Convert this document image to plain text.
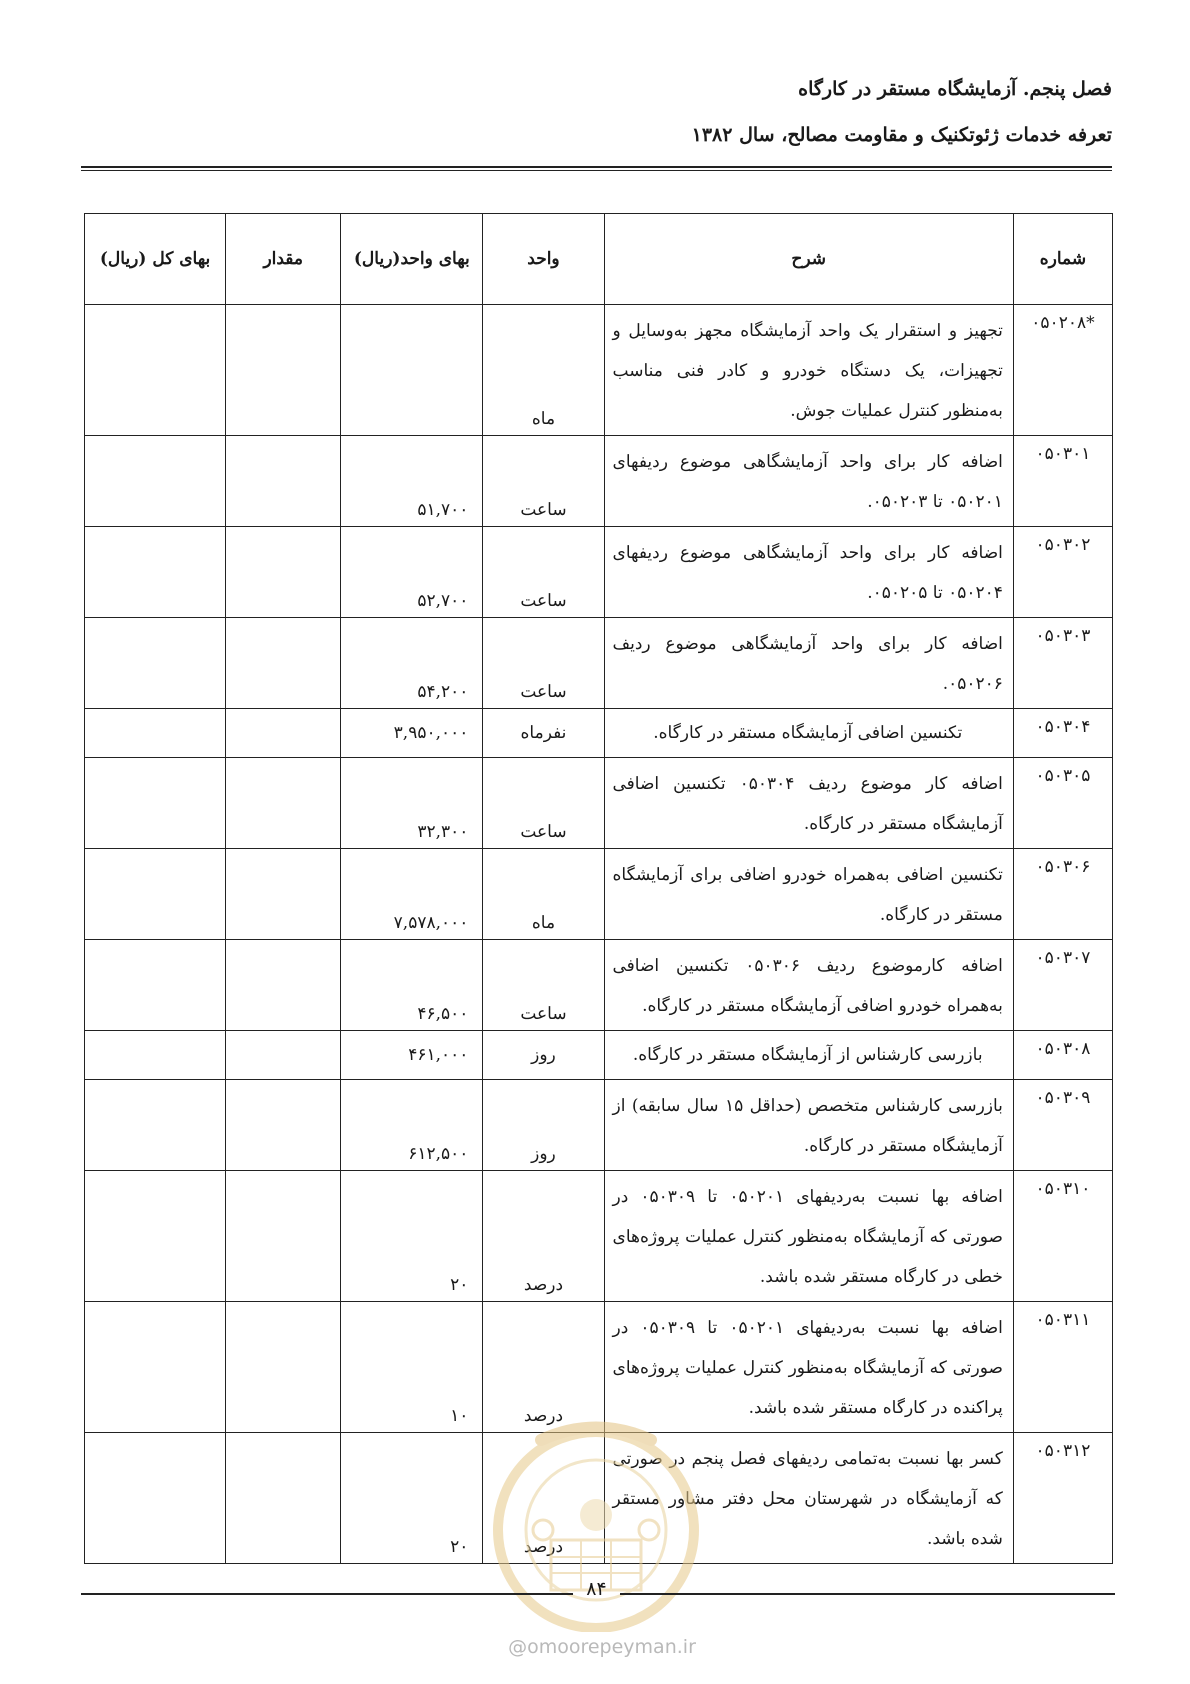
فصل پنجم. آزمایشگاه مستقر در کارگاه
تعرفه خدمات ژئوتکنیک و مقاومت مصالح، سال ۱۳۸۲
شماره	شرح	واحد	بهای واحد(ریال)	مقدار	بهای کل (ریال)
*۰۵۰۲۰۸	تجهیز و استقرار یک واحد آزمایشگاه مجهز به‌وسایل و تجهیزات، یک دستگاه خودرو و کادر فنی مناسب به‌منظور کنترل عملیات جوش.	ماه			
۰۵۰۳۰۱	اضافه کار برای واحد آزمایشگاهی موضوع ردیفهای ۰۵۰۲۰۱ تا ۰۵۰۲۰۳.	ساعت	۵۱,۷۰۰		
۰۵۰۳۰۲	اضافه کار برای واحد آزمایشگاهی موضوع ردیفهای ۰۵۰۲۰۴ تا ۰۵۰۲۰۵.	ساعت	۵۲,۷۰۰		
۰۵۰۳۰۳	اضافه کار برای واحد آزمایشگاهی موضوع ردیف ۰۵۰۲۰۶.	ساعت	۵۴,۲۰۰		
۰۵۰۳۰۴	تکنسین اضافی آزمایشگاه مستقر در کارگاه.	نفرماه	۳,۹۵۰,۰۰۰		
۰۵۰۳۰۵	اضافه کار موضوع ردیف ۰۵۰۳۰۴ تکنسین اضافی آزمایشگاه مستقر در کارگاه.	ساعت	۳۲,۳۰۰		
۰۵۰۳۰۶	تکنسین اضافی به‌همراه خودرو اضافی برای آزمایشگاه مستقر در کارگاه.	ماه	۷,۵۷۸,۰۰۰		
۰۵۰۳۰۷	اضافه کارموضوع ردیف ۰۵۰۳۰۶ تکنسین اضافی به‌همراه خودرو اضافی آزمایشگاه مستقر در کارگاه.	ساعت	۴۶,۵۰۰		
۰۵۰۳۰۸	بازرسی کارشناس از آزمایشگاه مستقر در کارگاه.	روز	۴۶۱,۰۰۰		
۰۵۰۳۰۹	بازرسی کارشناس متخصص (حداقل ۱۵ سال سابقه) از آزمایشگاه مستقر در کارگاه.	روز	۶۱۲,۵۰۰		
۰۵۰۳۱۰	اضافه بها نسبت به‌ردیفهای ۰۵۰۲۰۱ تا ۰۵۰۳۰۹ در صورتی که آزمایشگاه به‌منظور کنترل عملیات پروژه‌های خطی در کارگاه مستقر شده باشد.	درصد	۲۰		
۰۵۰۳۱۱	اضافه بها نسبت به‌ردیفهای ۰۵۰۲۰۱ تا ۰۵۰۳۰۹ در صورتی که آزمایشگاه به‌منظور کنترل عملیات پروژه‌های پراکنده در کارگاه مستقر شده باشد.	درصد	۱۰		
۰۵۰۳۱۲	کسر بها نسبت به‌تمامی ردیفهای فصل پنجم در صورتی که آزمایشگاه در شهرستان محل دفتر مشاور مستقر شده باشد.	درصد	۲۰		
۸۴
@omoorepeyman.ir
